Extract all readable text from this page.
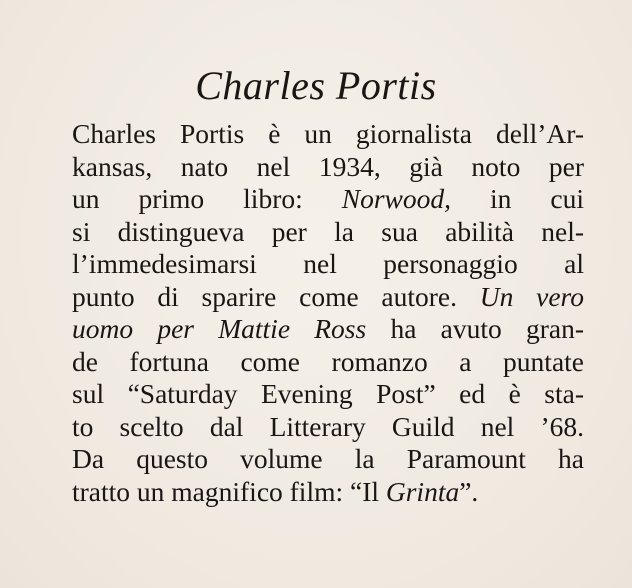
Charles Portis
Charles Portis è un giornalista dell’Ar-
kansas, nato nel 1934, già noto per
un primo libro: Norwood, in cui
si distingueva per la sua abilità nel-
l’immedesimarsi nel personaggio al
punto di sparire come autore. Un vero
uomo per Mattie Ross ha avuto gran-
de fortuna come romanzo a puntate
sul “Saturday Evening Post” ed è sta-
to scelto dal Litterary Guild nel ’68.
Da questo volume la Paramount ha
tratto un magnifico film: “Il Grinta”.
